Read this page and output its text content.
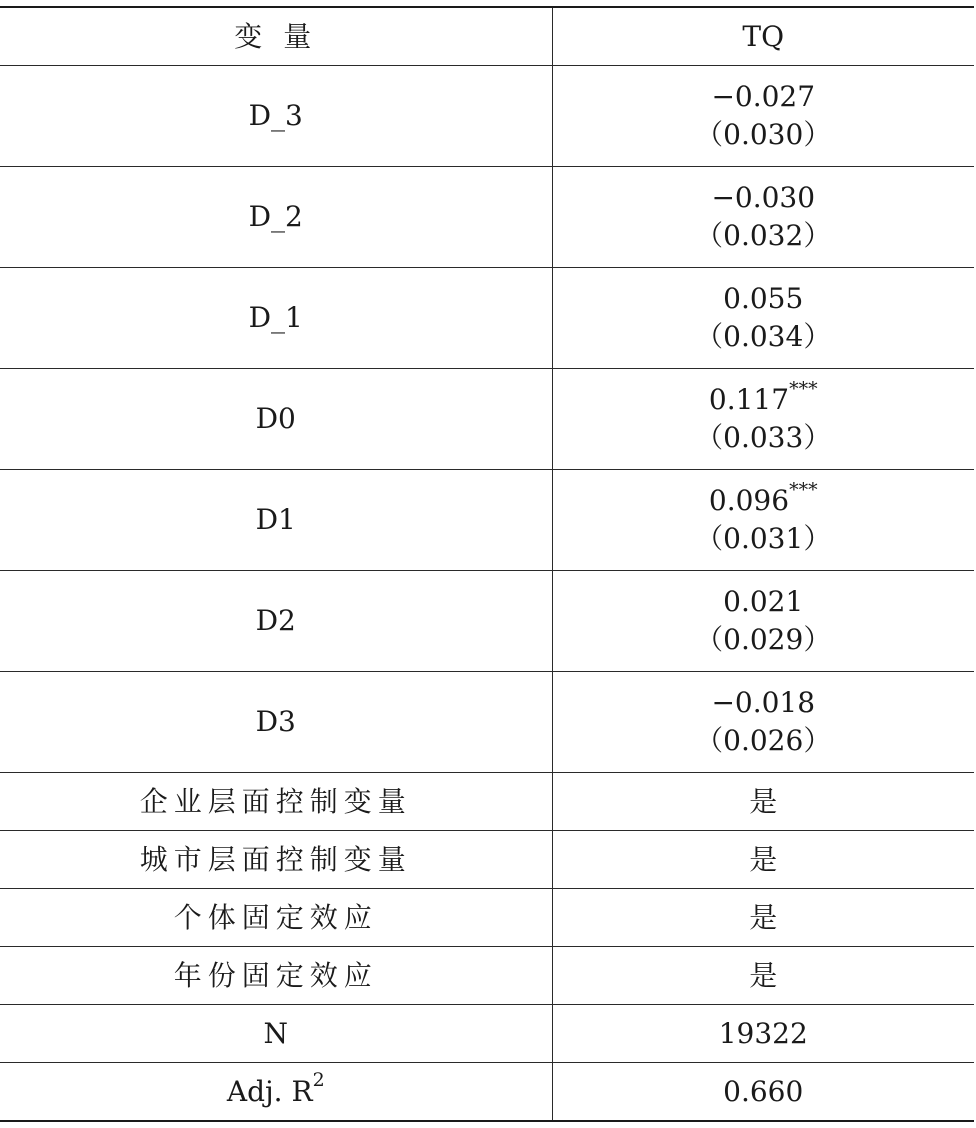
变 量	TQ
D_3	−0.027
（0.030）

D_2	−0.030
（0.032）

D_1	0.055
（0.034）

D0	0.117***
（0.033）

D1	0.096***
（0.031）

D2	0.021
（0.029）

D3	−0.018
（0.026）

企业层面控制变量	是
城市层面控制变量	是
个体固定效应	是
年份固定效应	是
N	19322
Adj. $R^2$	0.660
